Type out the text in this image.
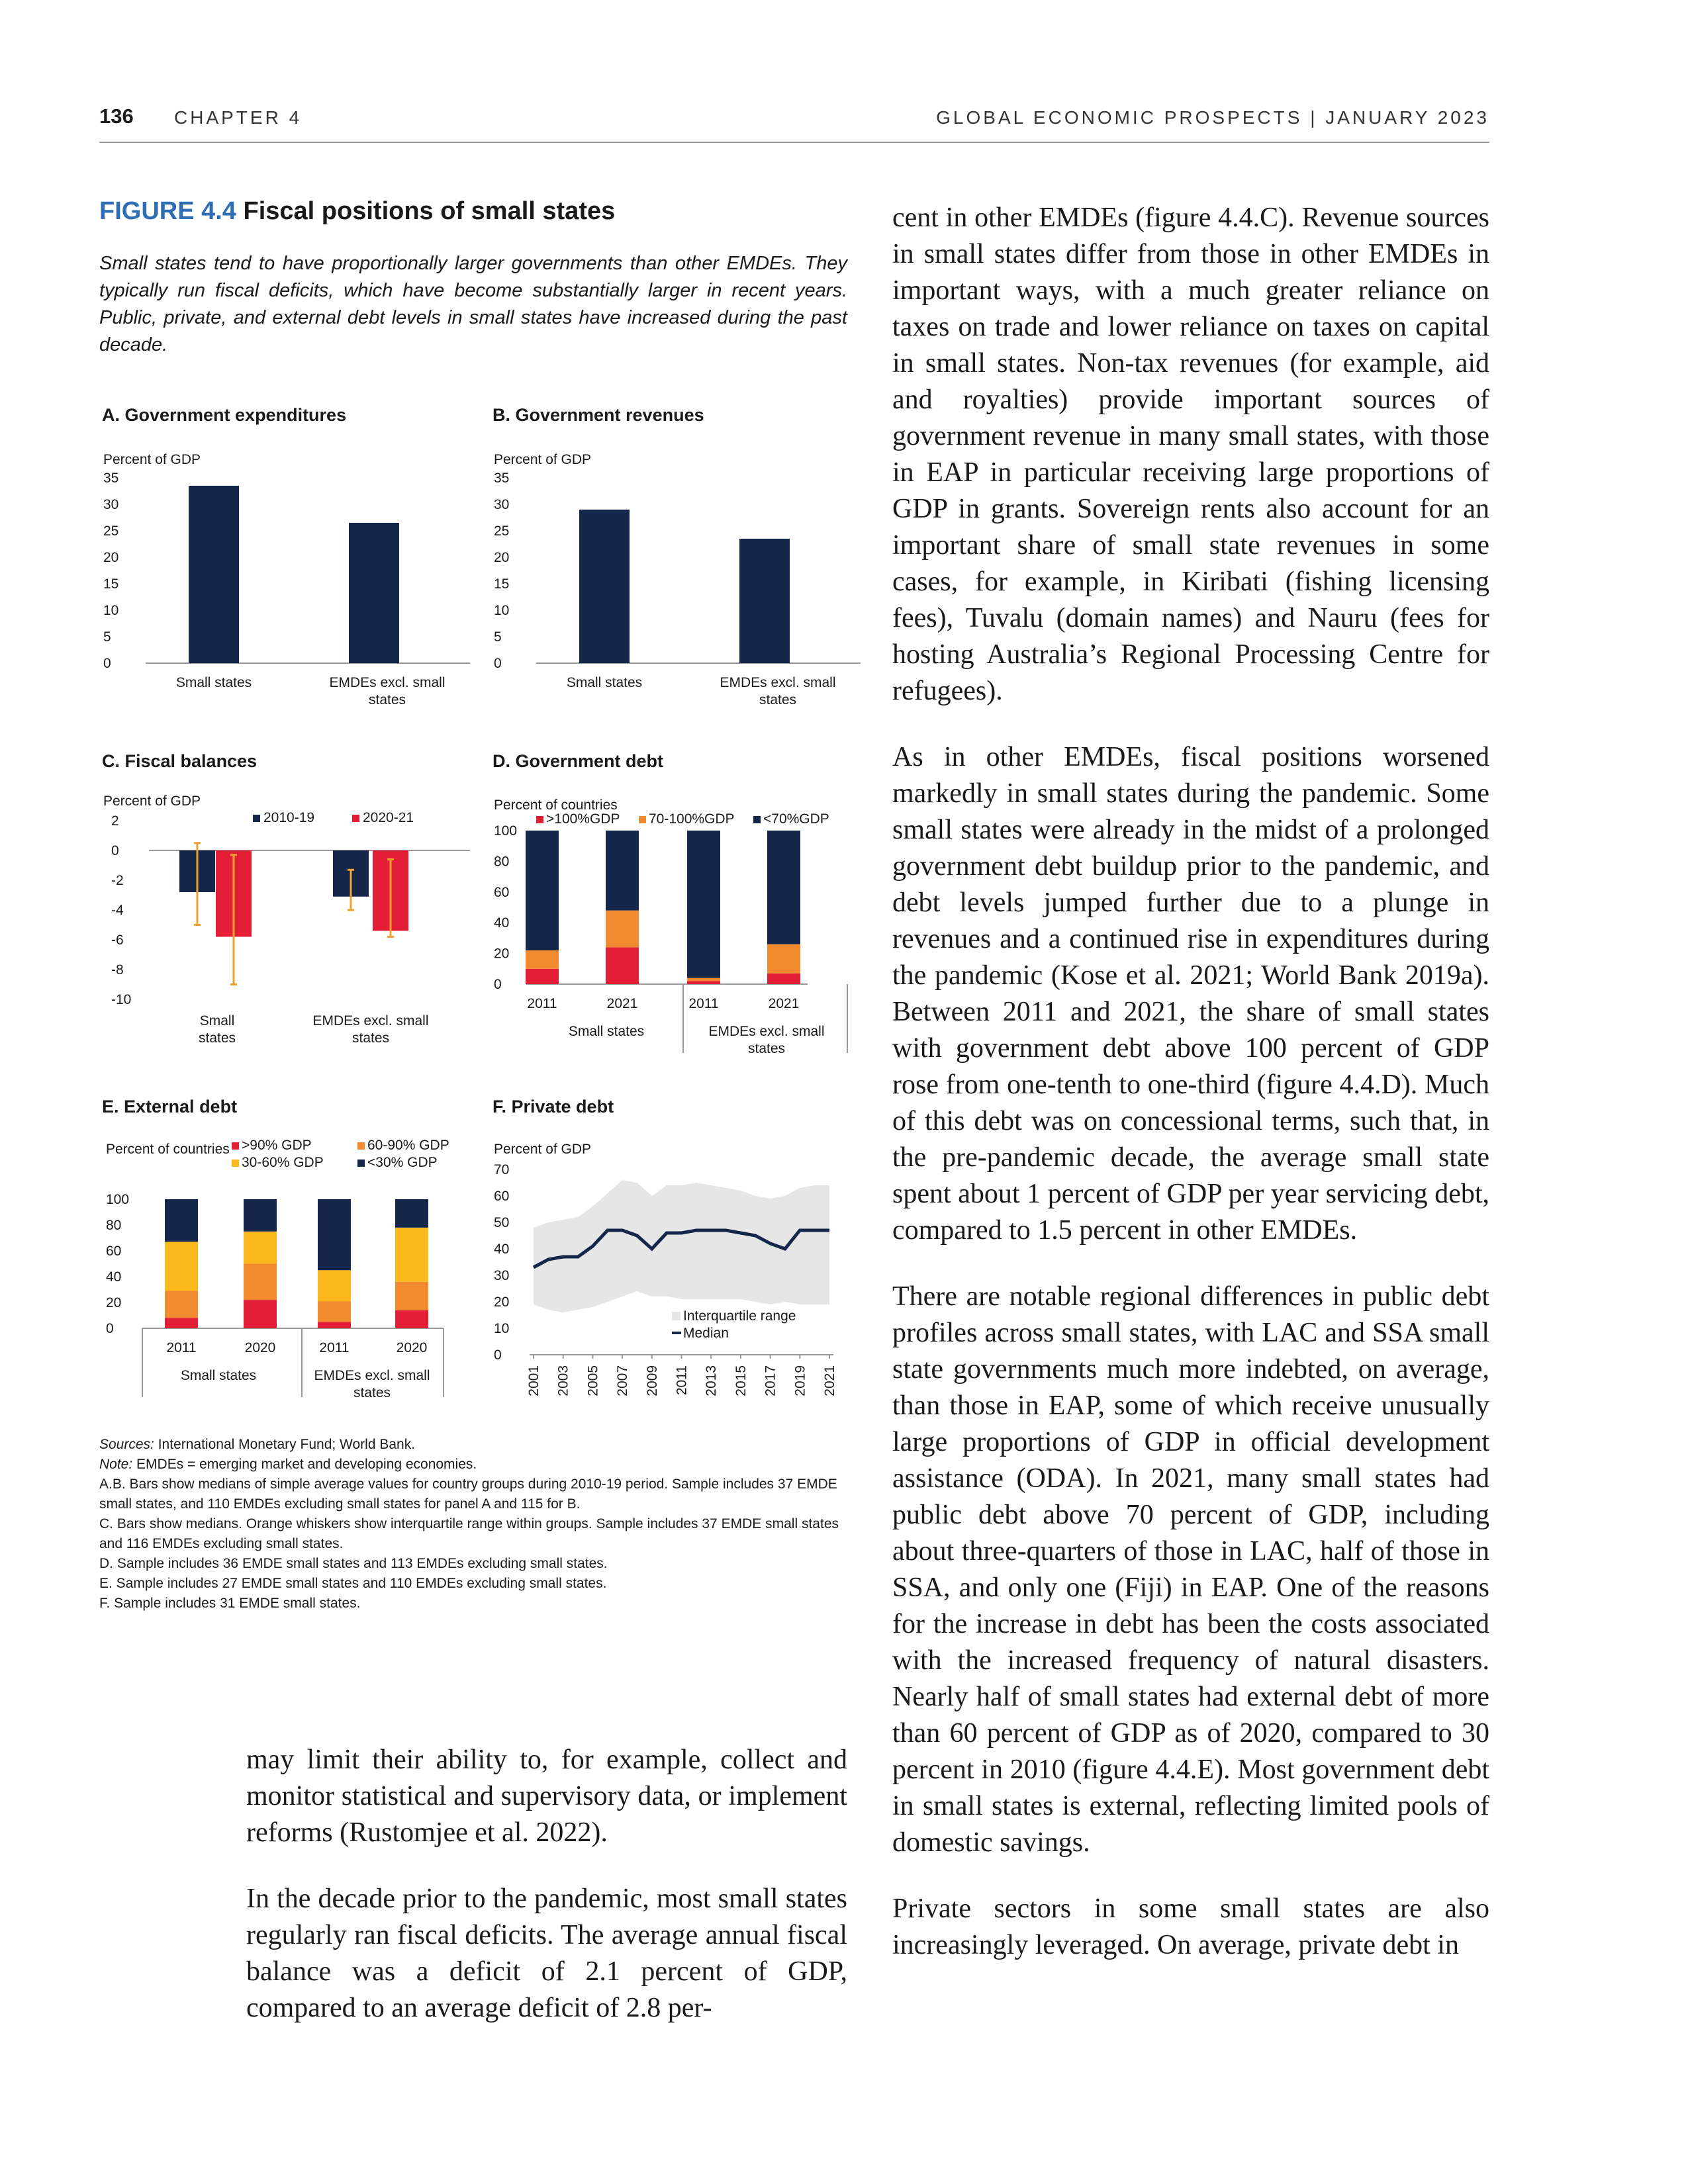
136 CHAPTER 4	GLOBAL ECONOMIC PROSPECTS | JANUARY 2023
FIGURE 4.4 Fiscal positions of small states
Small states tend to have proportionally larger governments than other EMDEs. They typically run fiscal deficits, which have become substantially larger in recent years. Public, private, and external debt levels in small states have increased during the past decade.
A. Government expenditures
Percent of GDP
35
30
25
20
15
10
5
0
Small states	EMDEs excl. small states
B. Government revenues
Percent of GDP
35
30
25
20
15
10
5
0
Small states	EMDEs excl. small states
C. Fiscal balances
Percent of GDP
2
0
-2
-4
-6
-8
-10
2010-19	2020-21
Small states
EMDEs excl. small states
D. Government debt
Percent of countries
100
80
60
40
20
0
>100%GDP 70-100%GDP <70%GDP
2011	2021	2011	2021
Small states	EMDEs excl. small states
E. External debt
Percent of countries
100
80
60
40
20
0
>90% GDP	60-90% GDP
30-60% GDP	<30% GDP
2011	2020	2011	2020
Small states	EMDEs excl. small states
F. Private debt
Percent of GDP
70
60
50
40
30
20
10
0
2001 2003 2005 2007 2009 2011 2013 2015 2017 2019 2021
Interquartile range
Median
Sources: International Monetary Fund; World Bank.
Note: EMDEs = emerging market and developing economies.
A.B. Bars show medians of simple average values for country groups during 2010-19 period. Sample includes 37 EMDE small states, and 110 EMDEs excluding small states for panel A and 115 for B.
C. Bars show medians. Orange whiskers show interquartile range within groups. Sample includes 37 EMDE small states and 116 EMDEs excluding small states.
D. Sample includes 36 EMDE small states and 113 EMDEs excluding small states.
E. Sample includes 27 EMDE small states and 110 EMDEs excluding small states.
F. Sample includes 31 EMDE small states.

may limit their ability to, for example, collect and monitor statistical and supervisory data, or implement reforms (Rustomjee et al. 2022).

In the decade prior to the pandemic, most small states regularly ran fiscal deficits. The average annual fiscal balance was a deficit of 2.1 percent of GDP, compared to an average deficit of 2.8 per-

cent in other EMDEs (figure 4.4.C). Revenue sources in small states differ from those in other EMDEs in important ways, with a much greater reliance on taxes on trade and lower reliance on taxes on capital in small states. Non-tax revenues (for example, aid and royalties) provide important sources of government revenue in many small states, with those in EAP in particular receiving large proportions of GDP in grants. Sovereign rents also account for an important share of small state revenues in some cases, for example, in Kiribati (fishing licensing fees), Tuvalu (domain names) and Nauru (fees for hosting Australia’s Regional Processing Centre for refugees).

As in other EMDEs, fiscal positions worsened markedly in small states during the pandemic. Some small states were already in the midst of a prolonged government debt buildup prior to the pandemic, and debt levels jumped further due to a plunge in revenues and a continued rise in expenditures during the pandemic (Kose et al. 2021; World Bank 2019a). Between 2011 and 2021, the share of small states with government debt above 100 percent of GDP rose from one-tenth to one-third (figure 4.4.D). Much of this debt was on concessional terms, such that, in the pre-pandemic decade, the average small state spent about 1 percent of GDP per year servicing debt, compared to 1.5 percent in other EMDEs.

There are notable regional differences in public debt profiles across small states, with LAC and SSA small state governments much more indebted, on average, than those in EAP, some of which receive unusually large proportions of GDP in official development assistance (ODA). In 2021, many small states had public debt above 70 percent of GDP, including about three-quarters of those in LAC, half of those in SSA, and only one (Fiji) in EAP. One of the reasons for the increase in debt has been the costs associated with the increased frequency of natural disasters. Nearly half of small states had external debt of more than 60 percent of GDP as of 2020, compared to 30 percent in 2010 (figure 4.4.E). Most government debt in small states is external, reflecting limited pools of domestic savings.

Private sectors in some small states are also increasingly leveraged. On average, private debt in
